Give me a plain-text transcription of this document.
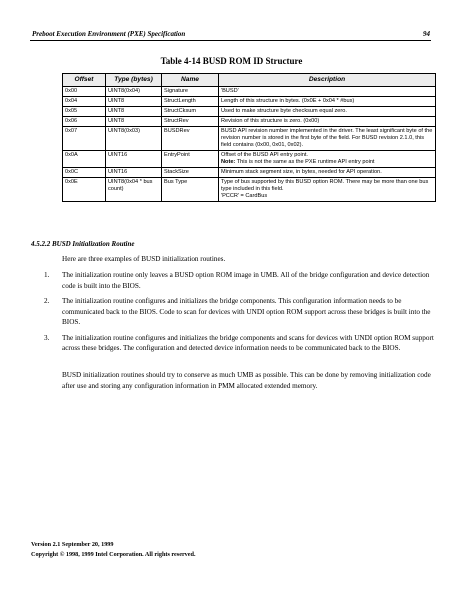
Preboot Execution Environment (PXE) Specification	94
Table 4-14 BUSD ROM ID Structure
Offset	Type (bytes)	Name	Description
0x00	UINT8(0x04)	Signature	'BUSD'
0x04	UINT8	StructLength	Length of this structure in bytes. (0x0E + 0x04 * #bus)
0x05	UINT8	StructCksum	Used to make structure byte checksum equal zero.
0x06	UINT8	StructRev	Revision of this structure is zero. (0x00)
0x07	UINT8(0x03)	BUSDRev	BUSD API revision number implemented in the driver. The least significant byte of the revision number is stored in the first byte of the field. For BUSD revision 2.1.0, this field contains (0x00, 0x01, 0x02).
0x0A	UINT16	EntryPoint	Offset of the BUSD API entry point.
Note: This is not the same as the PXE runtime API entry point

0x0C	UINT16	StackSize	Minimum stack segment size, in bytes, needed for API operation.
0x0E	UINT8(0x04 * bus count)	Bus Type	Type of bus supported by this BUSD option ROM. There may be more than one bus type included in this field.
'PCCR' = CardBus
4.5.2.2 BUSD Initialization Routine
Here are three examples of BUSD initialization routines.
1. The initialization routine only leaves a BUSD option ROM image in UMB. All of the bridge configuration and device detection code is built into the BIOS.
2. The initialization routine configures and initializes the bridge components. This configuration information needs to be communicated back to the BIOS. Code to scan for devices with UNDI option ROM support across these bridges is built into the BIOS.
3. The initialization routine configures and initializes the bridge components and scans for devices with UNDI option ROM support across these bridges. The configuration and detected device information needs to be communicated back to the BIOS.
BUSD initialization routines should try to conserve as much UMB as possible. This can be done by removing initialization code after use and storing any configuration information in PMM allocated extended memory.
Version 2.1 September 20, 1999
Copyright © 1998, 1999 Intel Corporation. All rights reserved.
